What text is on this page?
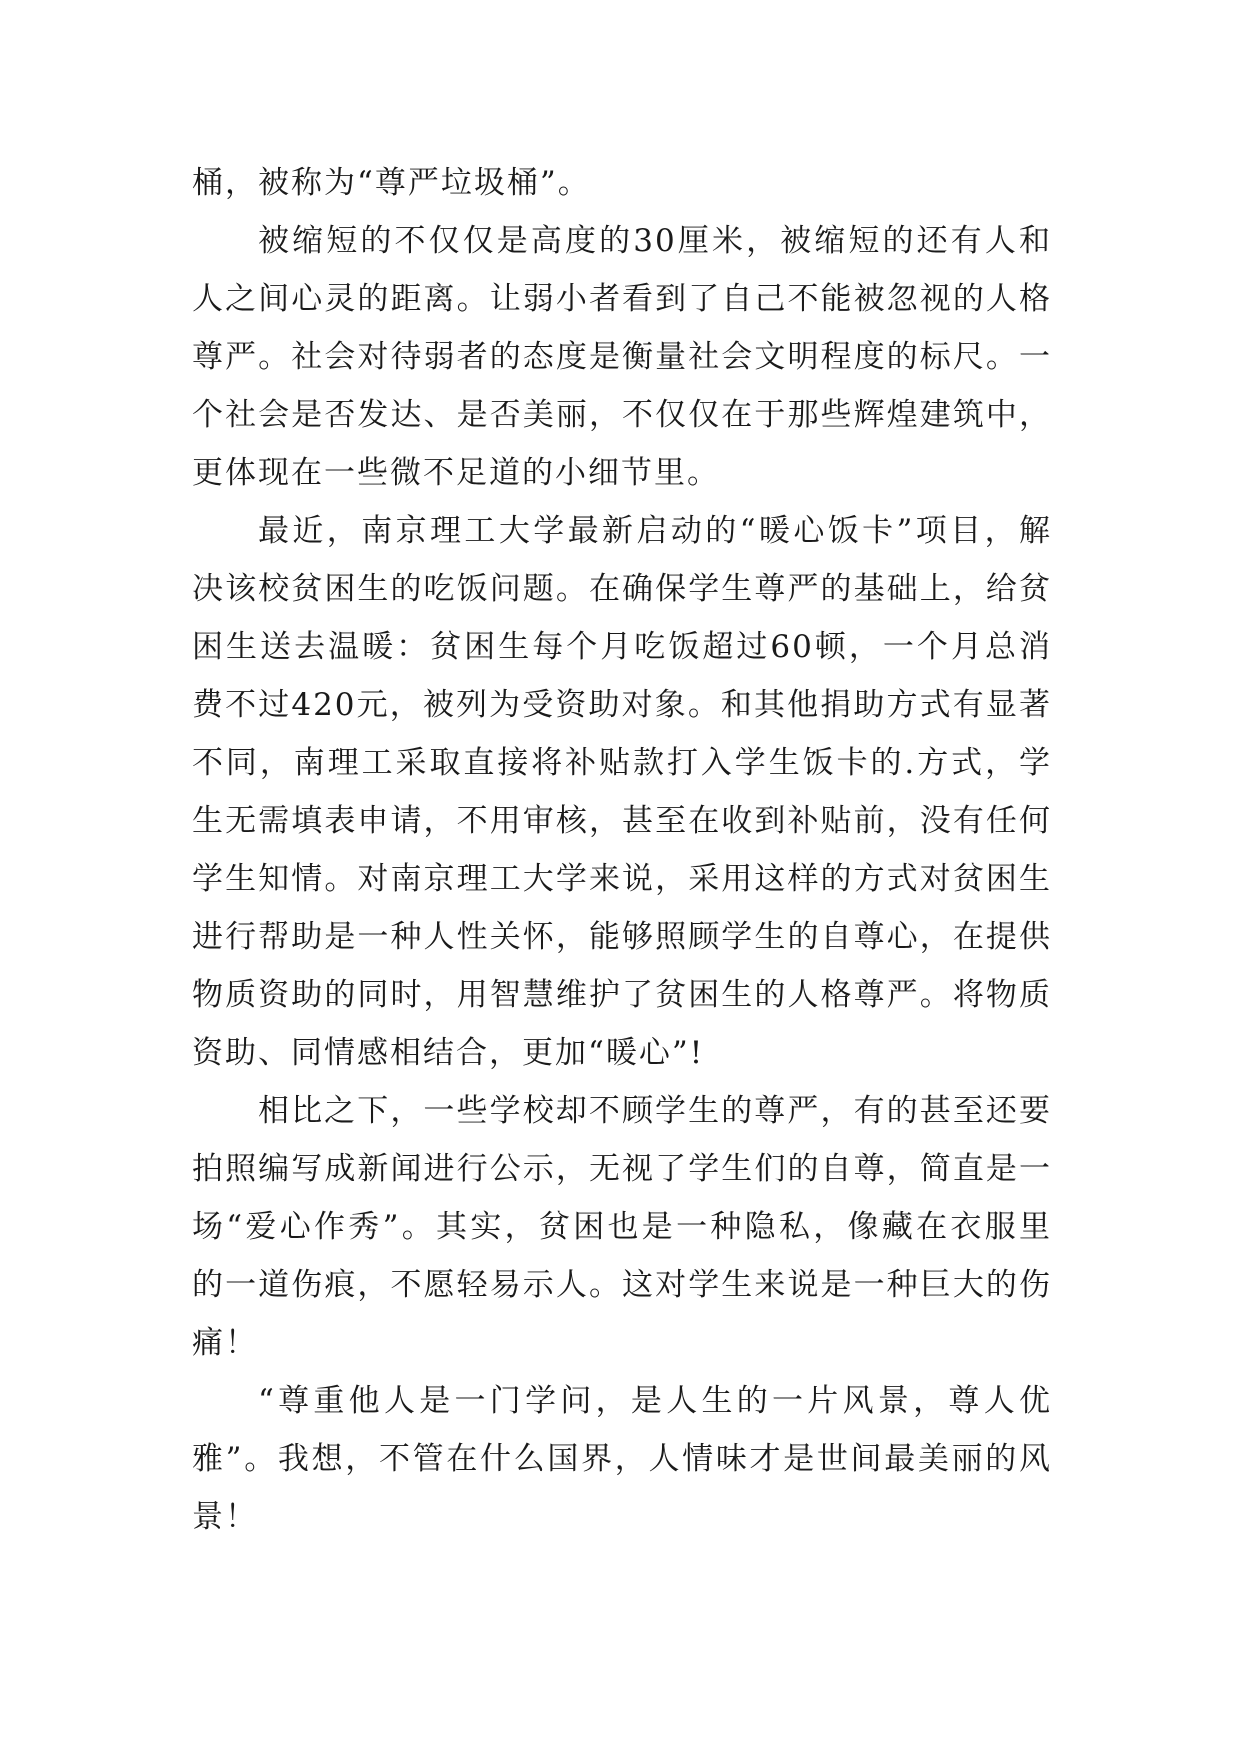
桶，被称为“尊严垃圾桶”。

被缩短的不仅仅是高度的30厘米，被缩短的还有人和人之间心灵的距离。让弱小者看到了自己不能被忽视的人格尊严。社会对待弱者的态度是衡量社会文明程度的标尺。一个社会是否发达、是否美丽，不仅仅在于那些辉煌建筑中，更体现在一些微不足道的小细节里。

最近，南京理工大学最新启动的“暖心饭卡”项目，解决该校贫困生的吃饭问题。在确保学生尊严的基础上，给贫困生送去温暖：贫困生每个月吃饭超过60顿，一个月总消费不过420元，被列为受资助对象。和其他捐助方式有显著不同，南理工采取直接将补贴款打入学生饭卡的.方式，学生无需填表申请，不用审核，甚至在收到补贴前，没有任何学生知情。对南京理工大学来说，采用这样的方式对贫困生进行帮助是一种人性关怀，能够照顾学生的自尊心，在提供物质资助的同时，用智慧维护了贫困生的人格尊严。将物质资助、同情感相结合，更加“暖心”!

相比之下，一些学校却不顾学生的尊严，有的甚至还要拍照编写成新闻进行公示，无视了学生们的自尊，简直是一场“爱心作秀”。其实，贫困也是一种隐私，像藏在衣服里的一道伤痕，不愿轻易示人。这对学生来说是一种巨大的伤痛！

“尊重他人是一门学问，是人生的一片风景，尊人优雅”。我想，不管在什么国界，人情味才是世间最美丽的风景！
